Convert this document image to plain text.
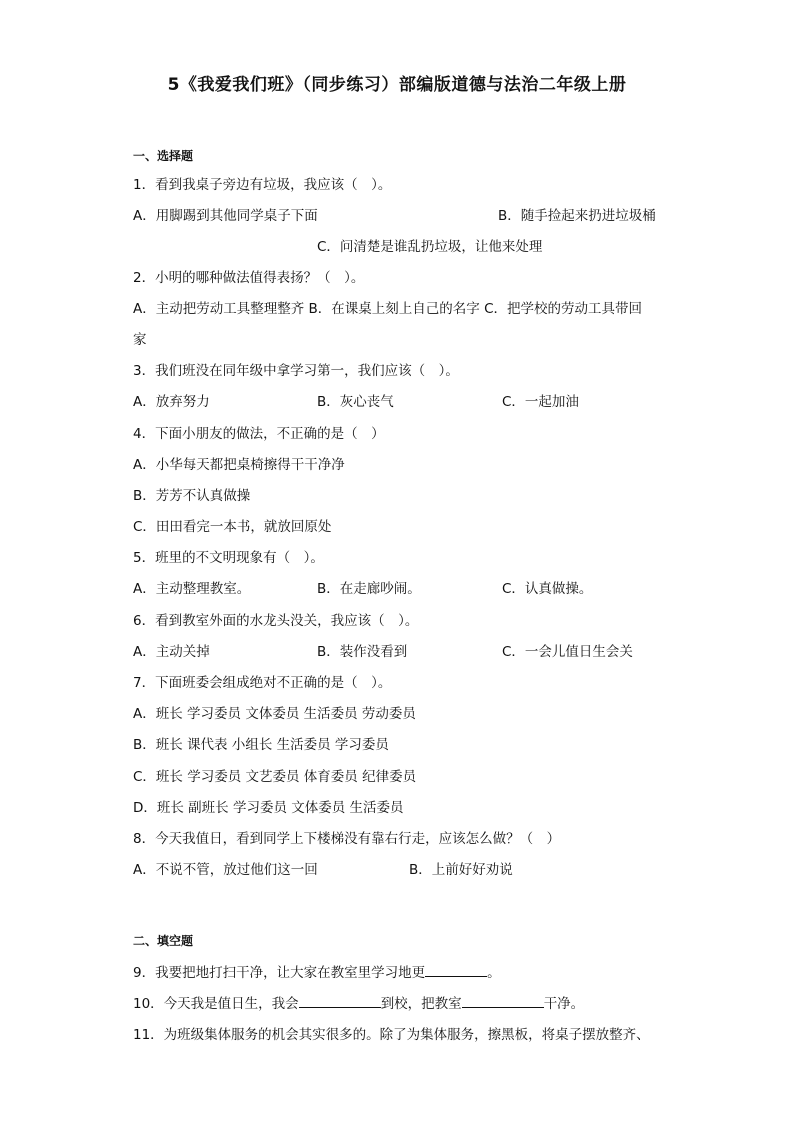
5《我爱我们班》（同步练习）部编版道德与法治二年级上册
一、选择题
1．看到我桌子旁边有垃圾，我应该（　）。
A．用脚踢到其他同学桌子下面	B．随手捡起来扔进垃圾桶
C．问清楚是谁乱扔垃圾，让他来处理
2．小明的哪种做法值得表扬？（　）。
A．主动把劳动工具整理整齐 B．在课桌上刻上自己的名字 C．把学校的劳动工具带回
家
3．我们班没在同年级中拿学习第一，我们应该（　）。
A．放弃努力	B．灰心丧气	C．一起加油
4．下面小朋友的做法，不正确的是（　）
A．小华每天都把桌椅擦得干干净净
B．芳芳不认真做操
C．田田看完一本书，就放回原处
5．班里的不文明现象有（　）。
A．主动整理教室。	B．在走廊吵闹。	C．认真做操。
6．看到教室外面的水龙头没关，我应该（　）。
A．主动关掉	B．装作没看到	C．一会儿值日生会关
7．下面班委会组成绝对不正确的是（　）。
A．班长 学习委员 文体委员 生活委员 劳动委员
B．班长 课代表 小组长 生活委员 学习委员
C．班长 学习委员 文艺委员 体育委员 纪律委员
D．班长 副班长 学习委员 文体委员 生活委员
8．今天我值日，看到同学上下楼梯没有靠右行走，应该怎么做？（　）
A．不说不管，放过他们这一回	B．上前好好劝说
二、填空题
9．我要把地打扫干净，让大家在教室里学习地更	。
10．今天我是值日生，我会	到校，把教室	干净。
11．为班级集体服务的机会其实很多的。除了为集体服务，擦黑板，将桌子摆放整齐、
